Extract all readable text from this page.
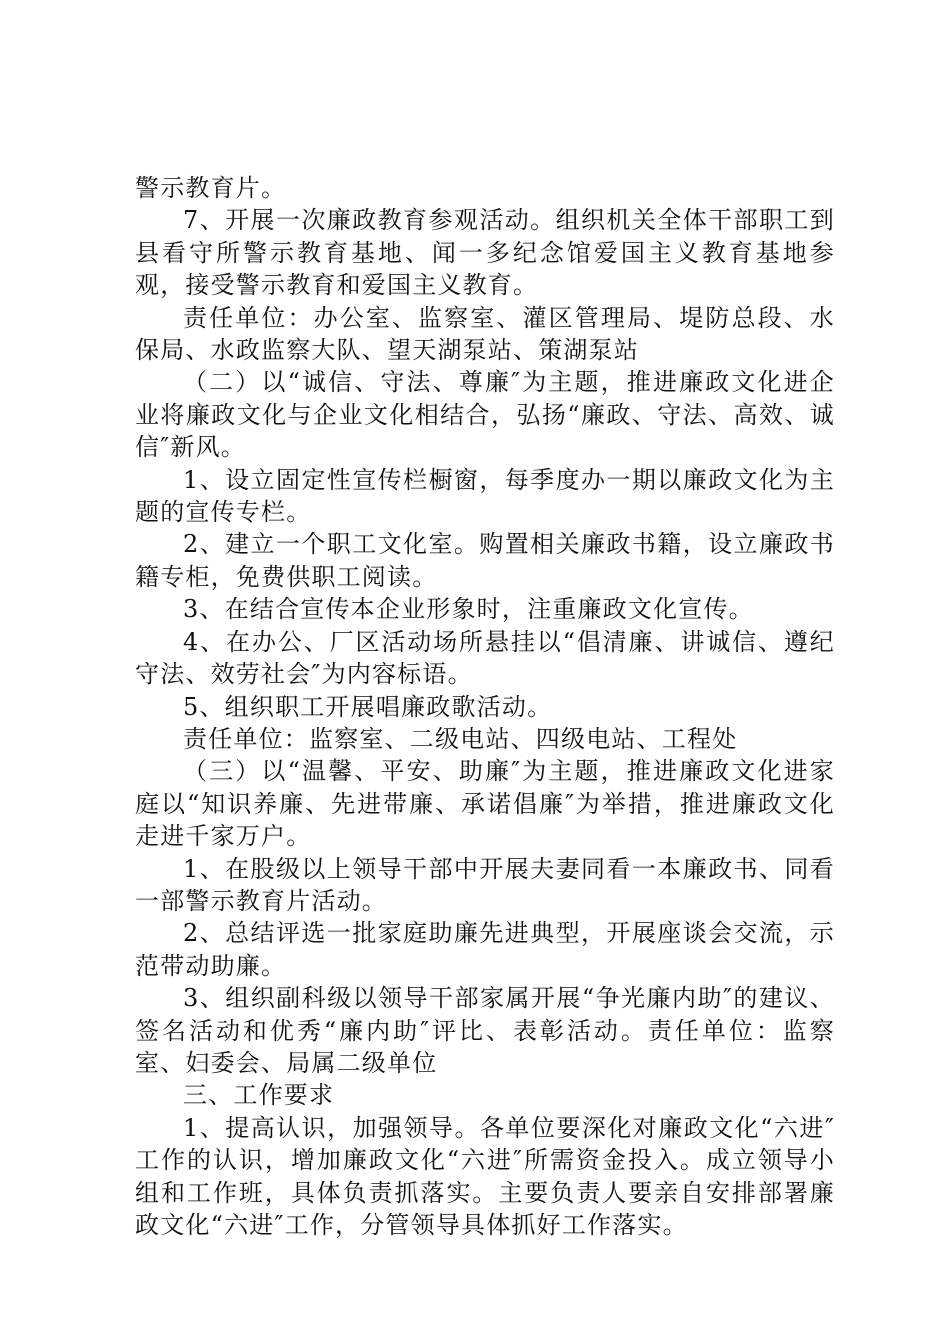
警示教育片。

7、开展一次廉政教育参观活动。组织机关全体干部职工到县看守所警示教育基地、闻一多纪念馆爱国主义教育基地参观，接受警示教育和爱国主义教育。

责任单位：办公室、监察室、灌区管理局、堤防总段、水保局、水政监察大队、望天湖泵站、策湖泵站

（二）以“诚信、守法、尊廉″为主题，推进廉政文化进企业将廉政文化与企业文化相结合，弘扬“廉政、守法、高效、诚信″新风。

1、设立固定性宣传栏橱窗，每季度办一期以廉政文化为主题的宣传专栏。

2、建立一个职工文化室。购置相关廉政书籍，设立廉政书籍专柜，免费供职工阅读。

3、在结合宣传本企业形象时，注重廉政文化宣传。

4、在办公、厂区活动场所悬挂以“倡清廉、讲诚信、遵纪守法、效劳社会″为内容标语。

5、组织职工开展唱廉政歌活动。

责任单位：监察室、二级电站、四级电站、工程处

（三）以“温馨、平安、助廉″为主题，推进廉政文化进家庭以“知识养廉、先进带廉、承诺倡廉″为举措，推进廉政文化走进千家万户。

1、在股级以上领导干部中开展夫妻同看一本廉政书、同看一部警示教育片活动。

2、总结评选一批家庭助廉先进典型，开展座谈会交流，示范带动助廉。

3、组织副科级以领导干部家属开展“争光廉内助″的建议、签名活动和优秀“廉内助″评比、表彰活动。责任单位：监察室、妇委会、局属二级单位

三、工作要求

1、提高认识，加强领导。各单位要深化对廉政文化“六进″工作的认识，增加廉政文化“六进″所需资金投入。成立领导小组和工作班，具体负责抓落实。主要负责人要亲自安排部署廉政文化“六进″工作，分管领导具体抓好工作落实。
